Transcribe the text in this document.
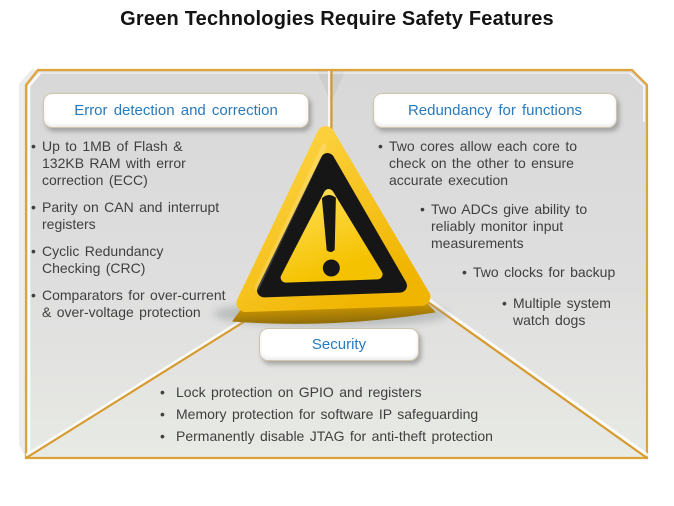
Green Technologies Require Safety Features
Error detection and correction	Redundancy for functions
Security
• Up to 1MB of Flash & 132KB RAM with error correction (ECC)
• Parity on CAN and interrupt registers
• Cyclic Redundancy Checking (CRC)
• Comparators for over-current & over-voltage protection
• Two cores allow each core to check on the other to ensure accurate execution
• Two ADCs give ability to reliably monitor input measurements
• Two clocks for backup
• Multiple system watch dogs
• Lock protection on GPIO and registers
• Memory protection for software IP safeguarding
• Permanently disable JTAG for anti-theft protection
